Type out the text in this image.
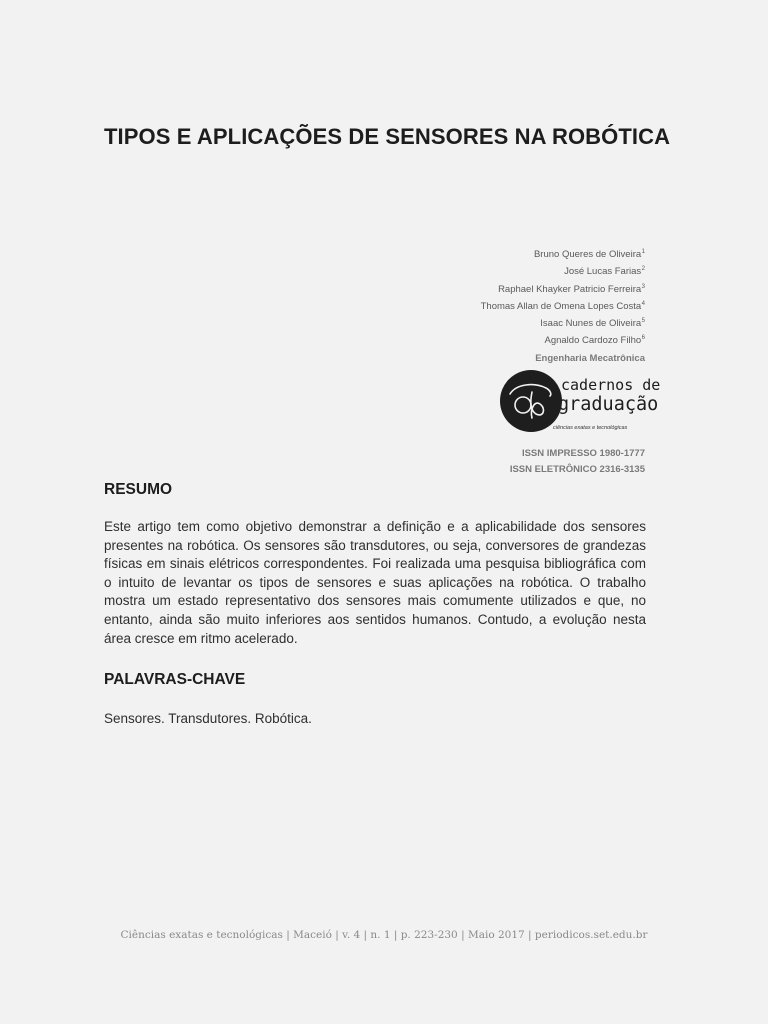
TIPOS E APLICAÇÕES DE SENSORES NA ROBÓTICA
Bruno Queres de Oliveira$^1$
José Lucas Farias$^2$
Raphael Khayker Patricio Ferreira$^3$
Thomas Allan de Omena Lopes Costa$^4$
Isaac Nunes de Oliveira$^5$
Agnaldo Cardozo Filho$^6$
Engenharia Mecatrônica
cadernos de
graduação
ciências exatas e tecnológicas
ISSN IMPRESSO 1980-1777
ISSN ELETRÔNICO 2316-3135
RESUMO

Este artigo tem como objetivo demonstrar a definição e a aplicabilidade dos sensores presentes na robótica. Os sensores são transdutores, ou seja, conversores de grandezas físicas em sinais elétricos correspondentes. Foi realizada uma pesquisa bibliográfica com o intuito de levantar os tipos de sensores e suas aplicações na robótica. O trabalho mostra um estado representativo dos sensores mais comumente utilizados e que, no entanto, ainda são muito inferiores aos sentidos humanos. Contudo, a evolução nesta área cresce em ritmo acelerado.

PALAVRAS-CHAVE

Sensores. Transdutores. Robótica.

Ciências exatas e tecnológicas | Maceió | v. 4 | n. 1 | p. 223-230 | Maio 2017 | periodicos.set.edu.br
